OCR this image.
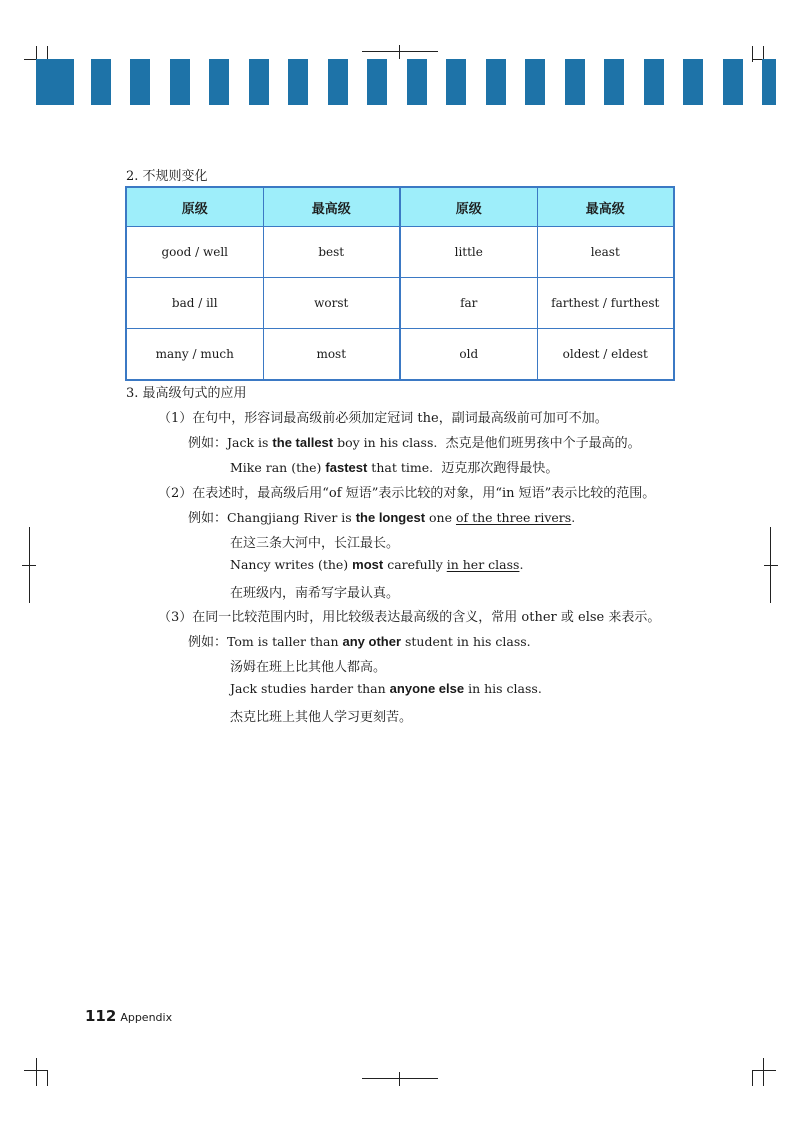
2. 不规则变化
原级	最高级	原级	最高级
good / well	best	little	least
bad / ill	worst	far	farthest / furthest
many / much	most	old	oldest / eldest
3. 最高级句式的应用
（1）在句中，形容词最高级前必须加定冠词 the，副词最高级前可加可不加。
例如：Jack is the tallest boy in his class. 杰克是他们班男孩中个子最高的。
Mike ran (the) fastest that time. 迈克那次跑得最快。
（2）在表述时，最高级后用“of 短语”表示比较的对象，用“in 短语”表示比较的范围。
例如：Changjiang River is the longest one of the three rivers.
在这三条大河中，长江最长。
Nancy writes (the) most carefully in her class.
在班级内，南希写字最认真。
（3）在同一比较范围内时，用比较级表达最高级的含义，常用 other 或 else 来表示。
例如：Tom is taller than any other student in his class.
汤姆在班上比其他人都高。
Jack studies harder than anyone else in his class.
杰克比班上其他人学习更刻苦。
112 Appendix
